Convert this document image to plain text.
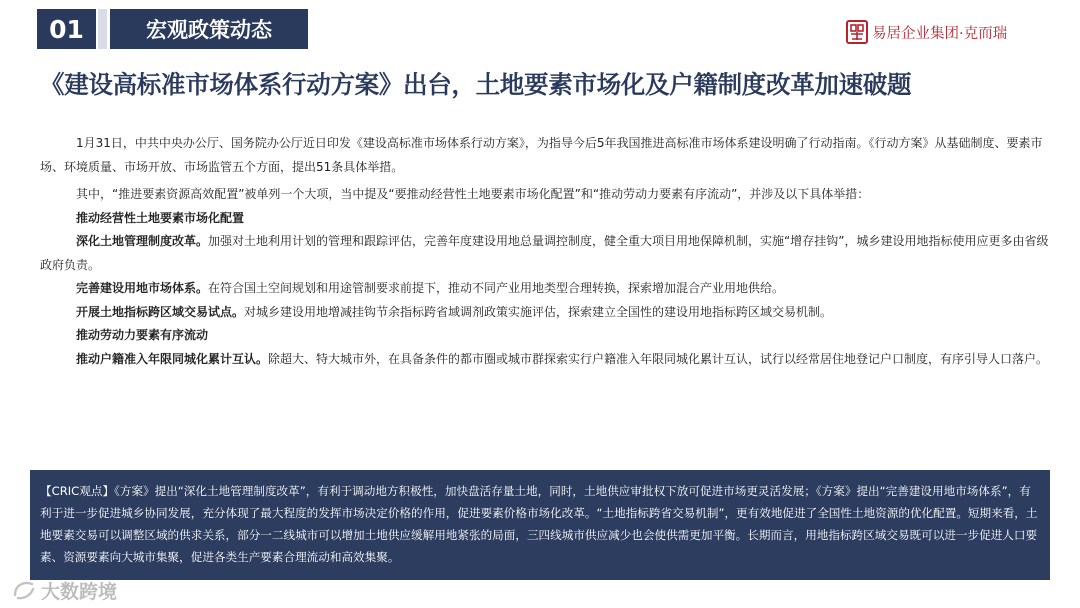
01	宏观政策动态	易居企业集团·克而瑞
《建设高标准市场体系行动方案》出台，土地要素市场化及户籍制度改革加速破题

1月31日，中共中央办公厅、国务院办公厅近日印发《建设高标准市场体系行动方案》，为指导今后5年我国推进高标准市场体系建设明确了行动指南。《行动方案》从基础制度、要素市场、环境质量、市场开放、市场监管五个方面，提出51条具体举措。

其中，“推进要素资源高效配置”被单列一个大项，当中提及“要推动经营性土地要素市场化配置”和“推动劳动力要素有序流动”，并涉及以下具体举措：

推动经营性土地要素市场化配置

深化土地管理制度改革。加强对土地利用计划的管理和跟踪评估，完善年度建设用地总量调控制度，健全重大项目用地保障机制，实施“增存挂钩”，城乡建设用地指标使用应更多由省级政府负责。

完善建设用地市场体系。在符合国土空间规划和用途管制要求前提下，推动不同产业用地类型合理转换，探索增加混合产业用地供给。

开展土地指标跨区域交易试点。对城乡建设用地增减挂钩节余指标跨省域调剂政策实施评估，探索建立全国性的建设用地指标跨区域交易机制。

推动劳动力要素有序流动

推动户籍准入年限同城化累计互认。除超大、特大城市外，在具备条件的都市圈或城市群探索实行户籍准入年限同城化累计互认，试行以经常居住地登记户口制度，有序引导人口落户。

【CRIC观点】《方案》提出“深化土地管理制度改革”，有利于调动地方积极性，加快盘活存量土地，同时，土地供应审批权下放可促进市场更灵活发展；《方案》提出“完善建设用地市场体系”，有利于进一步促进城乡协同发展，充分体现了最大程度的发挥市场决定价格的作用，促进要素价格市场化改革。“土地指标跨省交易机制”，更有效地促进了全国性土地资源的优化配置。短期来看，土地要素交易可以调整区域的供求关系，部分一二线城市可以增加土地供应缓解用地紧张的局面，三四线城市供应减少也会使供需更加平衡。长期而言，用地指标跨区域交易既可以进一步促进人口要素、资源要素向大城市集聚，促进各类生产要素合理流动和高效集聚。

大数跨境
